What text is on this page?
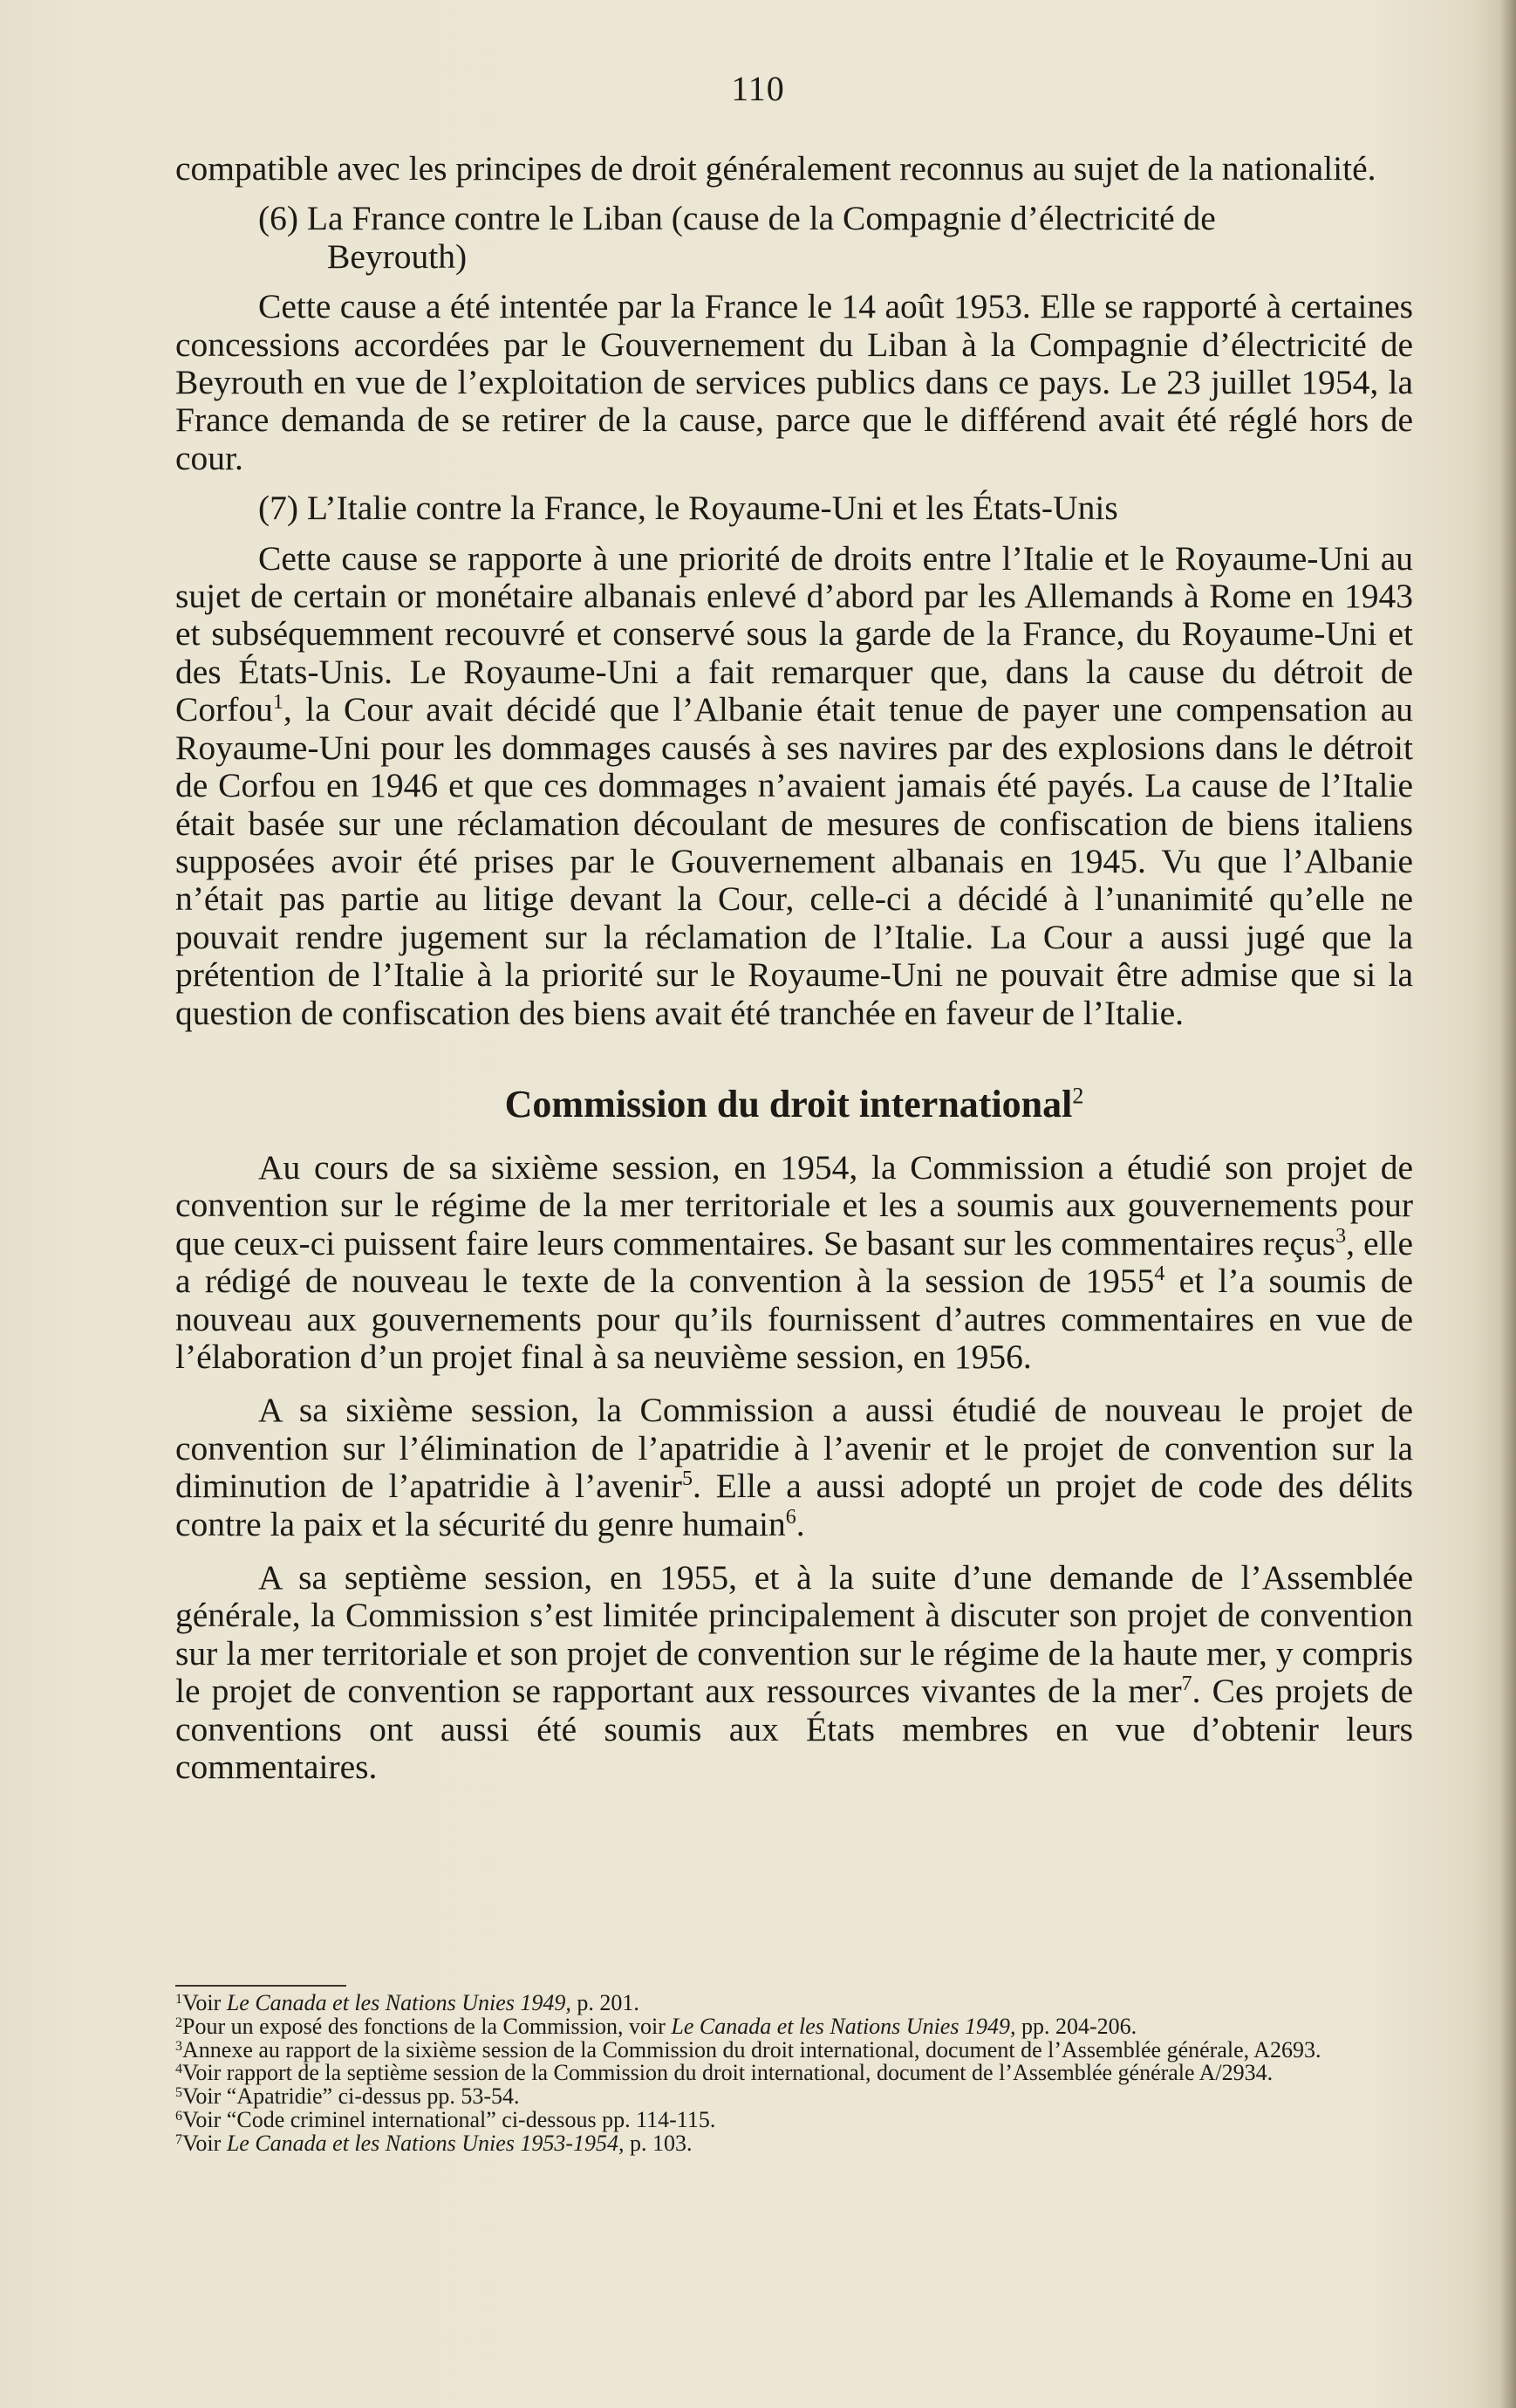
110

compatible avec les principes de droit généralement reconnus au sujet de la nationalité.

(6) La France contre le Liban (cause de la Compagnie d’électricité de
Beyrouth)

Cette cause a été intentée par la France le 14 août 1953. Elle se rapporté à certaines concessions accordées par le Gouvernement du Liban à la Compagnie d’électricité de Beyrouth en vue de l’exploitation de services publics dans ce pays. Le 23 juillet 1954, la France demanda de se retirer de la cause, parce que le différend avait été réglé hors de cour.

(7) L’Italie contre la France, le Royaume-Uni et les États-Unis

Cette cause se rapporte à une priorité de droits entre l’Italie et le Royaume-Uni au sujet de certain or monétaire albanais enlevé d’abord par les Allemands à Rome en 1943 et subséquemment recouvré et conservé sous la garde de la France, du Royaume-Uni et des États-Unis. Le Royaume-Uni a fait remarquer que, dans la cause du détroit de Corfou$^1$, la Cour avait décidé que l’Albanie était tenue de payer une compensation au Royaume-Uni pour les dommages causés à ses navires par des explosions dans le détroit de Corfou en 1946 et que ces dommages n’avaient jamais été payés. La cause de l’Italie était basée sur une réclamation découlant de mesures de confiscation de biens italiens supposées avoir été prises par le Gouvernement albanais en 1945. Vu que l’Albanie n’était pas partie au litige devant la Cour, celle-ci a décidé à l’unanimité qu’elle ne pouvait rendre jugement sur la réclamation de l’Italie. La Cour a aussi jugé que la prétention de l’Italie à la priorité sur le Royaume-Uni ne pouvait être admise que si la question de confiscation des biens avait été tranchée en faveur de l’Italie.

Commission du droit international$^2$

Au cours de sa sixième session, en 1954, la Commission a étudié son projet de convention sur le régime de la mer territoriale et les a soumis aux gouvernements pour que ceux-ci puissent faire leurs commentaires. Se basant sur les commentaires reçus$^3$, elle a rédigé de nouveau le texte de la convention à la session de 1955$^4$ et l’a soumis de nouveau aux gouvernements pour qu’ils fournissent d’autres commentaires en vue de l’élaboration d’un projet final à sa neuvième session, en 1956.

A sa sixième session, la Commission a aussi étudié de nouveau le projet de convention sur l’élimination de l’apatridie à l’avenir et le projet de convention sur la diminution de l’apatridie à l’avenir$^5$. Elle a aussi adopté un projet de code des délits contre la paix et la sécurité du genre humain$^6$.

A sa septième session, en 1955, et à la suite d’une demande de l’Assemblée générale, la Commission s’est limitée principalement à discuter son projet de convention sur la mer territoriale et son projet de convention sur le régime de la haute mer, y compris le projet de convention se rapportant aux ressources vivantes de la mer$^7$. Ces projets de conventions ont aussi été soumis aux États membres en vue d’obtenir leurs commentaires.

$^1$Voir Le Canada et les Nations Unies 1949, p. 201.

$^2$Pour un exposé des fonctions de la Commission, voir Le Canada et les Nations Unies 1949, pp. 204-206.

$^3$Annexe au rapport de la sixième session de la Commission du droit international, document de l’Assemblée générale, A2693.

$^4$Voir rapport de la septième session de la Commission du droit international, document de l’Assemblée générale A/2934.

$^5$Voir “Apatridie” ci-dessus pp. 53-54.

$^6$Voir “Code criminel international” ci-dessous pp. 114-115.

$^7$Voir Le Canada et les Nations Unies 1953-1954, p. 103.
